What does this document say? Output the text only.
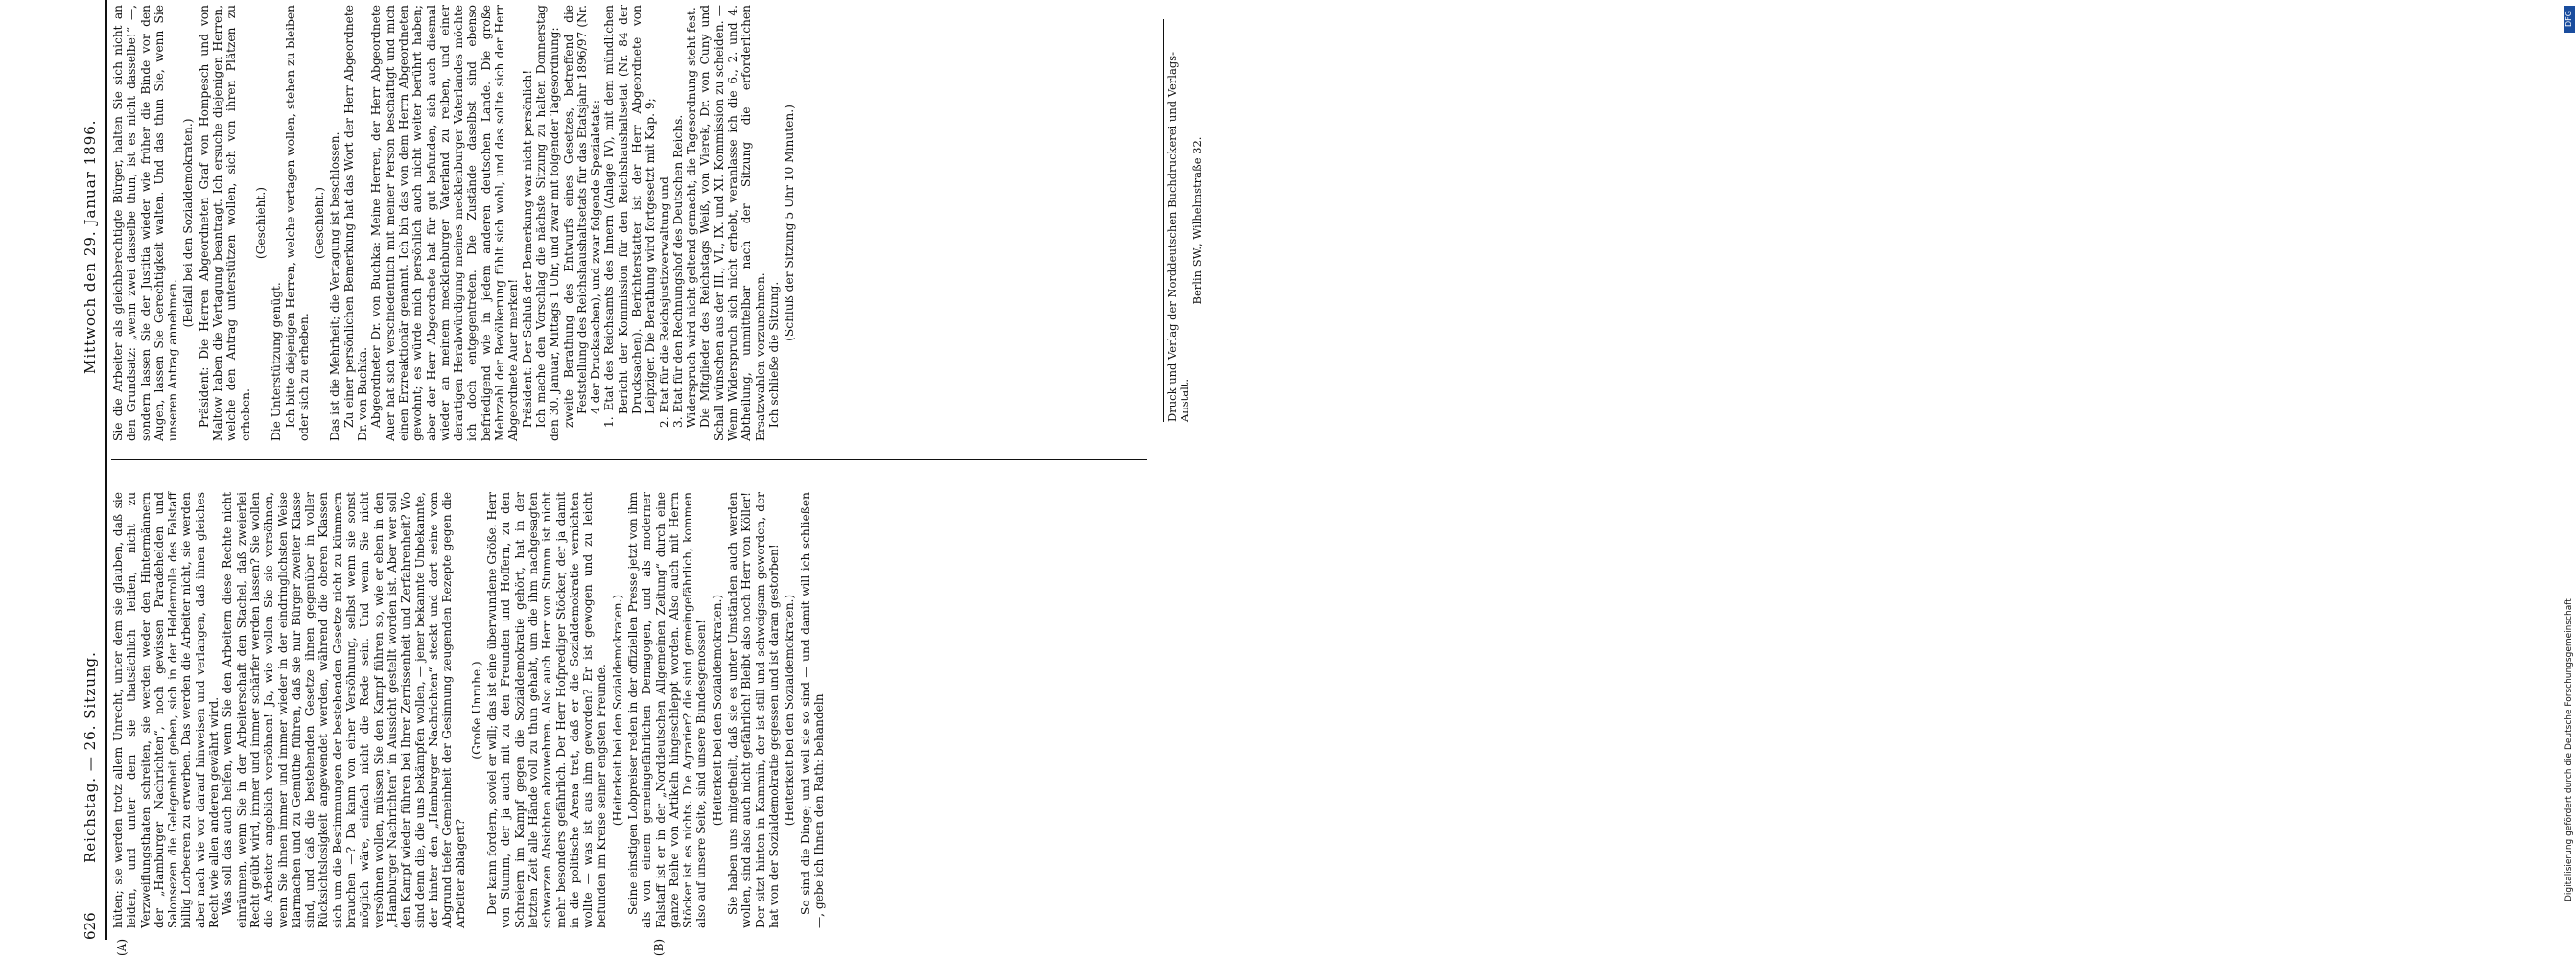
626
Reichstag. — 26. Sitzung.
Mittwoch den 29. Januar 1896.
(A)	(B)

hüten; sie werden trotz allem Unrecht, unter dem sie glauben, daß sie leiden, und unter dem sie thatsächlich leiden, nicht zu Verzweiflungsthaten schreiten, sie werden weder den Hintermännern der „Hamburger Nachrichten“, noch gewissen Paradehelden und Salonsezen die Gelegenheit geben, sich in der Heldenrolle des Falstaff billig Lorbeeren zu erwerben. Das werden die Arbeiter nicht, sie werden aber nach wie vor darauf hinweisen und verlangen, daß ihnen gleiches Recht wie allen anderen gewährt wird. Was soll das auch helfen, wenn Sie den Arbeitern diese Rechte nicht einräumen, wenn Sie in der Arbeiterschaft den Stachel, daß zweierlei Recht geübt wird, immer und immer schärfer werden lassen? Sie wollen die Arbeiter angeblich versöhnen! Ja, wie wollen Sie sie versöhnen, wenn Sie ihnen immer und immer wieder in der eindringlichsten Weise klarmachen und zu Gemüthe führen, daß sie nur Bürger zweiter Klasse sind, und daß die bestehenden Gesetze ihnen gegenüber in voller Rücksichtslosigkeit angewendet werden, während die oberen Klassen sich um die Bestimmungen der bestehenden Gesetze nicht zu kümmern brauchen —? Da kann von einer Versöhnung, selbst wenn sie sonst möglich wäre, einfach nicht die Rede sein. Und wenn Sie nicht versöhnen wollen, müssen Sie den Kampf führen so, wie er eben in den „Hamburger Nachrichten“ in Aussicht gestellt worden ist. Aber wer soll den Kampf wieder führen bei Ihrer Zerrissenheit und Zerfahrenheit? Wo sind denn die, die uns bekämpfen wollen, — jener bekannte Unbekannte, der hinter den „Hamburger Nachrichten“ steckt und dort seine vom Abgrund tiefer Gemeinheit der Gesinnung zeugenden Rezepte gegen die Arbeiter ablagert?

(Große Unruhe.) Der kann fordern, soviel er will; das ist eine überwundene Größe. Herr von Stumm, der ja auch mit zu den Freunden und Hoffern, zu den Schreiern im Kampf gegen die Sozialdemokratie gehört, hat in der letzten Zeit alle Hände voll zu thun gehabt, um die ihm nachgesagten schwarzen Absichten abzuwehren. Also auch Herr von Stumm ist nicht mehr besonders gefährlich. Der Herr Hofprediger Stöcker, der ja damit in die politische Arena trat, daß er die Sozialdemokratie vernichten wollte — was ist aus ihm geworden? Er ist gewogen und zu leicht befunden im Kreise seiner engsten Freunde. (Heiterkeit bei den Sozialdemokraten.) Seine einstigen Lobpreiser reden in der offiziellen Presse jetzt von ihm als von einem gemeingefährlichen Demagogen, und als moderner Falstaff ist er in der „Norddeutschen Allgemeinen Zeitung“ durch eine ganze Reihe von Artikeln hingeschleppt worden. Also auch mit Herrn Stöcker ist es nichts. Die Agrarier? die sind gemeingefährlich, kommen also auf unsere Seite, sind unsere Bundesgenossen! (Heiterkeit bei den Sozialdemokraten.) Sie haben uns mitgetheilt, daß sie es unter Umständen auch werden wollen, sind also auch nicht gefährlich! Bleibt also noch Herr von Köller! Der sitzt hinten in Kammin, der ist still und schweigsam geworden, der hat von der Sozialdemokratie gegessen und ist daran gestorben! (Heiterkeit bei den Sozialdemokraten.) So sind die Dinge; und weil sie so sind — und damit will ich schließen —, gebe ich Ihnen den Rath: behandeln

Sie die Arbeiter als gleichberechtigte Bürger, halten Sie sich nicht an den Grundsatz: „wenn zwei dasselbe thun, ist es nicht dasselbe!“ —, sondern lassen Sie der Justitia wieder wie früher die Binde vor den Augen, lassen Sie Gerechtigkeit walten. Und das thun Sie, wenn Sie unseren Antrag annehmen.

(Beifall bei den Sozialdemokraten.) Präsident: Die Herren Abgeordneten Graf von Hompesch und von Maltow haben die Vertagung beantragt. Ich ersuche diejenigen Herren, welche den Antrag unterstützen wollen, sich von ihren Plätzen zu erheben.

(Geschieht.)

Die Unterstützung genügt. Ich bitte diejenigen Herren, welche vertagen wollen, stehen zu bleiben oder sich zu erheben.

(Geschieht.) Das ist die Mehrheit; die Vertagung ist beschlossen. Zu einer persönlichen Bemerkung hat das Wort der Herr Abgeordnete Dr. von Buchka. Abgeordneter Dr. von Buchka: Meine Herren, der Herr Abgeordnete Auer hat sich verschiedentlich mit meiner Person beschäftigt und mich einen Erzreaktionär genannt. Ich bin das von dem Herrn Abgeordneten gewohnt; es würde mich persönlich auch nicht weiter berührt haben; aber der Herr Abgeordnete hat für gut befunden, sich auch diesmal wieder an meinem mecklenburger Vaterland zu reiben, und einer derartigen Herabwürdigung meines mecklenburger Vaterlandes möchte ich doch entgegentreten. Die Zustände daselbst sind ebenso befriedigend wie in jedem anderen deutschen Lande. Die große Mehrzahl der Bevölkerung fühlt sich wohl, und das sollte sich der Herr Abgeordnete Auer merken! Präsident: Der Schluß der Bemerkung war nicht persönlich! Ich mache den Vorschlag die nächste Sitzung zu halten Donnerstag den 30. Januar, Mittags 1 Uhr, und zwar mit folgender Tagesordnung: zweite Berathung des Entwurfs eines Gesetzes, betreffend die Feststellung des Reichshaushaltsetats für das Etatsjahr 1896/97 (Nr. 4 der Drucksachen), und zwar folgende Spezialetats: 1. Etat des Reichsamts des Innern (Anlage IV), mit dem mündlichen Bericht der Kommission für den Reichshaushaltsetat (Nr. 84 der Drucksachen). Berichterstatter ist der Herr Abgeordnete von Leipziger. Die Berathung wird fortgesetzt mit Kap. 9; 2. Etat für die Reichsjustizverwaltung und 3. Etat für den Rechnungshof des Deutschen Reichs. Widerspruch wird nicht geltend gemacht; die Tagesordnung steht fest. Die Mitglieder des Reichstags Weiß, von Vierek, Dr. von Cuny und Schall wünschen aus der III., VI., IX. und XI. Kommission zu scheiden. — Wenn Widerspruch sich nicht erhebt, veranlasse ich die 6., 2. und 4. Abtheilung, unmittelbar nach der Sitzung die erforderlichen Ersatzwahlen vorzunehmen. Ich schließe die Sitzung.

(Schluß der Sitzung 5 Uhr 10 Minuten.)	Druck und Verlag der Norddeutschen Buchdruckerei und Verlags-Anstalt.
Berlin SW., Wilhelmstraße 32.
DFG
Digitalisierung gefördert durch die Deutsche Forschungsgemeinschaft
